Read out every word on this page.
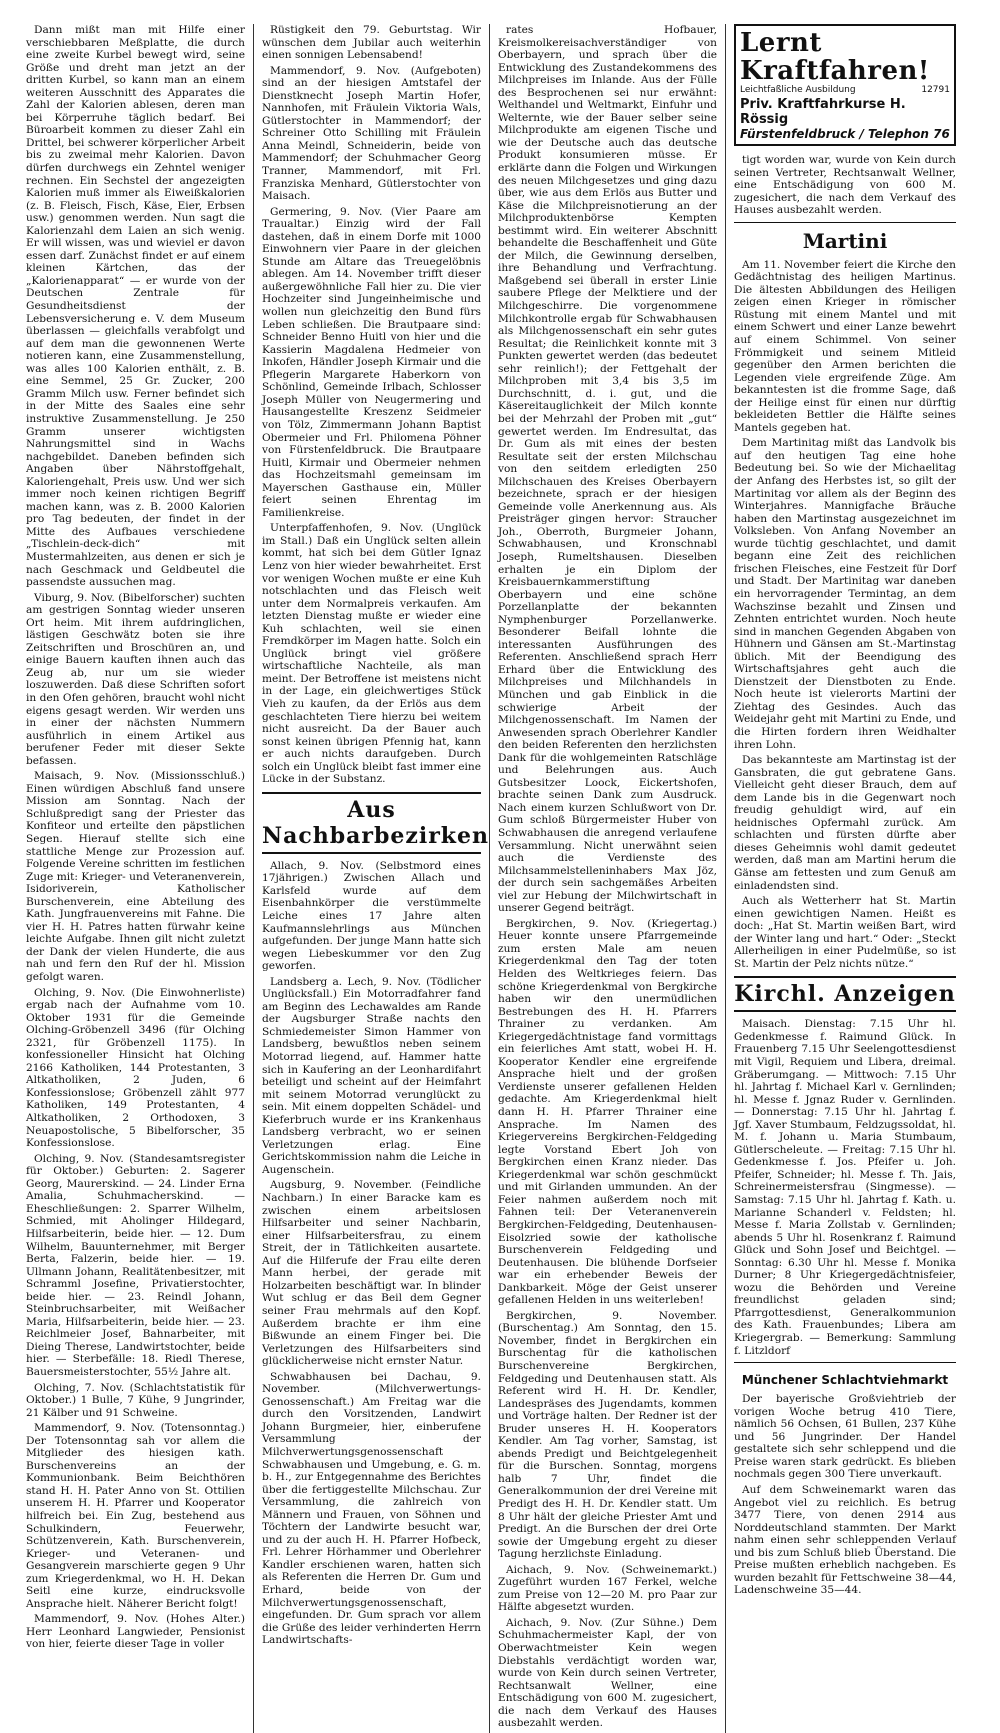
Dann mißt man mit Hilfe einer verschiebbaren Meßplatte, die durch eine zweite Kurbel bewegt wird, seine Größe und dreht man jetzt an der dritten Kurbel, so kann man an einem weiteren Ausschnitt des Apparates die Zahl der Kalorien ablesen, deren man bei Körperruhe täglich bedarf. Bei Büroarbeit kommen zu dieser Zahl ein Drittel, bei schwerer körperlicher Arbeit bis zu zweimal mehr Kalorien. Davon dürfen durchwegs ein Zehntel weniger rechnen. Ein Sechstel der angezeigten Kalorien muß immer als Eiweißkalorien (z. B. Fleisch, Fisch, Käse, Eier, Erbsen usw.) genommen werden. Nun sagt die Kalorienzahl dem Laien an sich wenig. Er will wissen, was und wieviel er davon essen darf. Zunächst findet er auf einem kleinen Kärtchen, das der „Kalorienapparat“ — er wurde von der Deutschen Zentrale für Gesundheitsdienst der Lebensversicherung e. V. dem Museum überlassen — gleichfalls verabfolgt und auf dem man die gewonnenen Werte notieren kann, eine Zusammenstellung, was alles 100 Kalorien enthält, z. B. eine Semmel, 25 Gr. Zucker, 200 Gramm Milch usw. Ferner befindet sich in der Mitte des Saales eine sehr instruktive Zusammenstellung. Je 250 Gramm unserer wichtigsten Nahrungsmittel sind in Wachs nachgebildet. Daneben befinden sich Angaben über Nährstoffgehalt, Kaloriengehalt, Preis usw. Und wer sich immer noch keinen richtigen Begriff machen kann, was z. B. 2000 Kalorien pro Tag bedeuten, der findet in der Mitte des Aufbaues verschiedene „Tischlein-deck-dich“ mit Mustermahlzeiten, aus denen er sich je nach Geschmack und Geldbeutel die passendste aussuchen mag.

Viburg, 9. Nov. (Bibelforscher) suchten am gestrigen Sonntag wieder unseren Ort heim. Mit ihrem aufdringlichen, lästigen Geschwätz boten sie ihre Zeitschriften und Broschüren an, und einige Bauern kauften ihnen auch das Zeug ab, nur um sie wieder loszuwerden. Daß diese Schriften sofort in den Ofen gehören, braucht wohl nicht eigens gesagt werden. Wir werden uns in einer der nächsten Nummern ausführlich in einem Artikel aus berufener Feder mit dieser Sekte befassen.

Maisach, 9. Nov. (Missionsschluß.) Einen würdigen Abschluß fand unsere Mission am Sonntag. Nach der Schlußpredigt sang der Priester das Konfiteor und erteilte den päpstlichen Segen. Hierauf stellte sich eine stattliche Menge zur Prozession auf. Folgende Vereine schritten im festlichen Zuge mit: Krieger- und Veteranenverein, Isidoriverein, Katholischer Burschenverein, eine Abteilung des Kath. Jungfrauenvereins mit Fahne. Die vier H. H. Patres hatten fürwahr keine leichte Aufgabe. Ihnen gilt nicht zuletzt der Dank der vielen Hunderte, die aus nah und fern den Ruf der hl. Mission gefolgt waren.

Olching, 9. Nov. (Die Einwohnerliste) ergab nach der Aufnahme vom 10. Oktober 1931 für die Gemeinde Olching-Gröbenzell 3496 (für Olching 2321, für Gröbenzell 1175). In konfessioneller Hinsicht hat Olching 2166 Katholiken, 144 Protestanten, 3 Altkatholiken, 2 Juden, 6 Konfessionslose; Gröbenzell zählt 977 Katholiken, 149 Protestanten, 4 Altkatholiken, 2 Orthodoxen, 3 Neuapostolische, 5 Bibelforscher, 35 Konfessionslose.

Olching, 9. Nov. (Standesamtsregister für Oktober.) Geburten: 2. Sagerer Georg, Maurerskind. — 24. Linder Erna Amalia, Schuhmacherskind. — Eheschließungen: 2. Sparrer Wilhelm, Schmied, mit Aholinger Hildegard, Hilfsarbeiterin, beide hier. — 12. Dum Wilhelm, Bauunternehmer, mit Berger Berta, Falzerin, beide hier. — 19. Ullmann Johann, Realitätenbesitzer, mit Schramml Josefine, Privatierstochter, beide hier. — 23. Reindl Johann, Steinbruchsarbeiter, mit Weißacher Maria, Hilfsarbeiterin, beide hier. — 23. Reichlmeier Josef, Bahnarbeiter, mit Dieing Therese, Landwirtstochter, beide hier. — Sterbefälle: 18. Riedl Therese, Bauersmeisterstochter, 55½ Jahre alt.

Olching, 7. Nov. (Schlachtstatistik für Oktober.) 1 Bulle, 7 Kühe, 9 Jungrinder, 21 Kälber und 91 Schweine.

Mammendorf, 9. Nov. (Totensonntag.) Der Totensonntag sah vor allem die Mitglieder des hiesigen kath. Burschenvereins an der Kommunionbank. Beim Beichthören stand H. H. Pater Anno von St. Ottilien unserem H. H. Pfarrer und Kooperator hilfreich bei. Ein Zug, bestehend aus Schulkindern, Feuerwehr, Schützenverein, Kath. Burschenverein, Krieger- und Veteranen- und Gesangverein marschierte gegen 9 Uhr zum Kriegerdenkmal, wo H. H. Dekan Seitl eine kurze, eindrucksvolle Ansprache hielt. Näherer Bericht folgt!

Mammendorf, 9. Nov. (Hohes Alter.) Herr Leonhard Langwieder, Pensionist von hier, feierte dieser Tage in voller

Rüstigkeit den 79. Geburtstag. Wir wünschen dem Jubilar auch weiterhin einen sonnigen Lebensabend!

Mammendorf, 9. Nov. (Aufgeboten) sind an der hiesigen Amtstafel der Dienstknecht Joseph Martin Hofer, Nannhofen, mit Fräulein Viktoria Wals, Gütlerstochter in Mammendorf; der Schreiner Otto Schilling mit Fräulein Anna Meindl, Schneiderin, beide von Mammendorf; der Schuhmacher Georg Tranner, Mammendorf, mit Frl. Franziska Menhard, Gütlerstochter von Maisach.

Germering, 9. Nov. (Vier Paare am Traualtar.) Einzig wird der Fall dastehen, daß in einem Dorfe mit 1000 Einwohnern vier Paare in der gleichen Stunde am Altare das Treuegelöbnis ablegen. Am 14. November trifft dieser außergewöhnliche Fall hier zu. Die vier Hochzeiter sind Jungeinheimische und wollen nun gleichzeitig den Bund fürs Leben schließen. Die Brautpaare sind: Schneider Benno Huitl von hier und die Kassierin Magdalena Hedmeier von Inkofen, Händler Joseph Kirmair und die Pflegerin Margarete Haberkorn von Schönlind, Gemeinde Irlbach, Schlosser Joseph Müller von Neugermering und Hausangestellte Kreszenz Seidmeier von Tölz, Zimmermann Johann Baptist Obermeier und Frl. Philomena Pöhner von Fürstenfeldbruck. Die Brautpaare Huitl, Kirmair und Obermeier nehmen das Hochzeitsmahl gemeinsam im Mayerschen Gasthause ein, Müller feiert seinen Ehrentag im Familienkreise.

Unterpfaffenhofen, 9. Nov. (Unglück im Stall.) Daß ein Unglück selten allein kommt, hat sich bei dem Gütler Ignaz Lenz von hier wieder bewahrheitet. Erst vor wenigen Wochen mußte er eine Kuh notschlachten und das Fleisch weit unter dem Normalpreis verkaufen. Am letzten Dienstag mußte er wieder eine Kuh schlachten, weil sie einen Fremdkörper im Magen hatte. Solch ein Unglück bringt viel größere wirtschaftliche Nachteile, als man meint. Der Betroffene ist meistens nicht in der Lage, ein gleichwertiges Stück Vieh zu kaufen, da der Erlös aus dem geschlachteten Tiere hierzu bei weitem nicht ausreicht. Da der Bauer auch sonst keinen übrigen Pfennig hat, kann er auch nichts daraufgeben. Durch solch ein Unglück bleibt fast immer eine Lücke in der Substanz.

Aus Nachbarbezirken

Allach, 9. Nov. (Selbstmord eines 17jährigen.) Zwischen Allach und Karlsfeld wurde auf dem Eisenbahnkörper die verstümmelte Leiche eines 17 Jahre alten Kaufmannslehrlings aus München aufgefunden. Der junge Mann hatte sich wegen Liebeskummer vor den Zug geworfen.

Landsberg a. Lech, 9. Nov. (Tödlicher Unglücksfall.) Ein Motorradfahrer fand am Beginn des Lechawaldes am Rande der Augsburger Straße nachts den Schmiedemeister Simon Hammer von Landsberg, bewußtlos neben seinem Motorrad liegend, auf. Hammer hatte sich in Kaufering an der Leonhardifahrt beteiligt und scheint auf der Heimfahrt mit seinem Motorrad verunglückt zu sein. Mit einem doppelten Schädel- und Kieferbruch wurde er ins Krankenhaus Landsberg verbracht, wo er seinen Verletzungen erlag. Eine Gerichtskommission nahm die Leiche in Augenschein.

Augsburg, 9. November. (Feindliche Nachbarn.) In einer Baracke kam es zwischen einem arbeitslosen Hilfsarbeiter und seiner Nachbarin, einer Hilfsarbeitersfrau, zu einem Streit, der in Tätlichkeiten ausartete. Auf die Hilferufe der Frau eilte deren Mann herbei, der gerade mit Holzarbeiten beschäftigt war. In blinder Wut schlug er das Beil dem Gegner seiner Frau mehrmals auf den Kopf. Außerdem brachte er ihm eine Bißwunde an einem Finger bei. Die Verletzungen des Hilfsarbeiters sind glücklicherweise nicht ernster Natur.

Schwabhausen bei Dachau, 9. November. (Milchverwertungs-Genossenschaft.) Am Freitag war die durch den Vorsitzenden, Landwirt Johann Burgmeier, hier, einberufene Versammlung der Milchverwertungsgenossenschaft Schwabhausen und Umgebung, e. G. m. b. H., zur Entgegennahme des Berichtes über die fertiggestellte Milchschau. Zur Versammlung, die zahlreich von Männern und Frauen, von Söhnen und Töchtern der Landwirte besucht war, und zu der auch H. H. Pfarrer Hofbeck, Frl. Lehrer Hörhammer und Oberlehrer Kandler erschienen waren, hatten sich als Referenten die Herren Dr. Gum und Erhard, beide von der Milchverwertungsgenossenschaft, eingefunden. Dr. Gum sprach vor allem die Grüße des leider verhinderten Herrn Landwirtschafts-

rates Hofbauer, Kreismolkereisachverständiger von Oberbayern, und sprach über die Entwicklung des Zustandekommens des Milchpreises im Inlande. Aus der Fülle des Besprochenen sei nur erwähnt: Welthandel und Weltmarkt, Einfuhr und Welternte, wie der Bauer selber seine Milchprodukte am eigenen Tische und wie der Deutsche auch das deutsche Produkt konsumieren müsse. Er erklärte dann die Folgen und Wirkungen des neuen Milchgesetzes und ging dazu über, wie aus dem Erlös aus Butter und Käse die Milchpreisnotierung an der Milchproduktenbörse Kempten bestimmt wird. Ein weiterer Abschnitt behandelte die Beschaffenheit und Güte der Milch, die Gewinnung derselben, ihre Behandlung und Verfrachtung. Maßgebend sei überall in erster Linie saubere Pflege der Melktiere und der Milchgeschirre. Die vorgenommene Milchkontrolle ergab für Schwabhausen als Milchgenossenschaft ein sehr gutes Resultat; die Reinlichkeit konnte mit 3 Punkten gewertet werden (das bedeutet sehr reinlich!); der Fettgehalt der Milchproben mit 3,4 bis 3,5 im Durchschnitt, d. i. gut, und die Käsereitauglichkeit der Milch konnte bei der Mehrzahl der Proben mit „gut“ gewertet werden. Im Endresultat, das Dr. Gum als mit eines der besten Resultate seit der ersten Milchschau von den seitdem erledigten 250 Milchschauen des Kreises Oberbayern bezeichnete, sprach er der hiesigen Gemeinde volle Anerkennung aus. Als Preisträger gingen hervor: Straucher Joh., Oberroth, Burgmeier Johann, Schwabhausen, und Kronschnabl Joseph, Rumeltshausen. Dieselben erhalten je ein Diplom der Kreisbauernkammerstiftung Oberbayern und eine schöne Porzellanplatte der bekannten Nymphenburger Porzellanwerke. Besonderer Beifall lohnte die interessanten Ausführungen des Referenten. Anschließend sprach Herr Erhard über die Entwicklung des Milchpreises und Milchhandels in München und gab Einblick in die schwierige Arbeit der Milchgenossenschaft. Im Namen der Anwesenden sprach Oberlehrer Kandler den beiden Referenten den herzlichsten Dank für die wohlgemeinten Ratschläge und Belehrungen aus. Auch Gutsbesitzer Loock, Eickertshofen, brachte seinen Dank zum Ausdruck. Nach einem kurzen Schlußwort von Dr. Gum schloß Bürgermeister Huber von Schwabhausen die anregend verlaufene Versammlung. Nicht unerwähnt seien auch die Verdienste des Milchsammelstelleninhabers Max Jöz, der durch sein sachgemäßes Arbeiten viel zur Hebung der Milchwirtschaft in unserer Gegend beiträgt.

Bergkirchen, 9. Nov. (Kriegertag.) Heuer konnte unsere Pfarrgemeinde zum ersten Male am neuen Kriegerdenkmal den Tag der toten Helden des Weltkrieges feiern. Das schöne Kriegerdenkmal von Bergkirche haben wir den unermüdlichen Bestrebungen des H. H. Pfarrers Thrainer zu verdanken. Am Kriegergedächtnistage fand vormittags ein feierliches Amt statt, wobei H. H. Kooperator Kendler eine ergreifende Ansprache hielt und der großen Verdienste unserer gefallenen Helden gedachte. Am Kriegerdenkmal hielt dann H. H. Pfarrer Thrainer eine Ansprache. Im Namen des Kriegervereins Bergkirchen-Feldgeding legte Vorstand Ebert Joh von Bergkirchen einen Kranz nieder. Das Kriegerdenkmal war schön geschmückt und mit Girlanden ummunden. An der Feier nahmen außerdem noch mit Fahnen teil: Der Veteranenverein Bergkirchen-Feldgeding, Deutenhausen-Eisolzried sowie der katholische Burschenverein Feldgeding und Deutenhausen. Die blühende Dorfseier war ein erhebender Beweis der Dankbarkeit. Möge der Geist unserer gefallenen Helden in uns weiterleben!

Bergkirchen, 9. November. (Burschentag.) Am Sonntag, den 15. November, findet in Bergkirchen ein Burschentag für die katholischen Burschenvereine Bergkirchen, Feldgeding und Deutenhausen statt. Als Referent wird H. H. Dr. Kendler, Landespräses des Jugendamts, kommen und Vorträge halten. Der Redner ist der Bruder unseres H. H. Kooperators Kendler. Am Tag vorher, Samstag, ist abends Predigt und Beichtgelegenheit für die Burschen. Sonntag, morgens halb 7 Uhr, findet die Generalkommunion der drei Vereine mit Predigt des H. H. Dr. Kendler statt. Um 8 Uhr hält der gleiche Priester Amt und Predigt. An die Burschen der drei Orte sowie der Umgebung ergeht zu dieser Tagung herzlichste Einladung.

Aichach, 9. Nov. (Schweinemarkt.) Zugeführt wurden 167 Ferkel, welche zum Preise von 12—20 M. pro Paar zur Hälfte abgesetzt wurden.

Aichach, 9. Nov. (Zur Sühne.) Dem Schuhmachermeister Kapl, der von Oberwachtmeister Kein wegen Diebstahls verdächtigt worden war, wurde von Kein durch seinen Vertreter, Rechtsanwalt Wellner, eine Entschädigung von 600 M. zugesichert, die nach dem Verkauf des Hauses ausbezahlt werden.

Lernt Kraftfahren!
Leichtfaßliche Ausbildung	12791
Priv. Kraftfahrkurse H. Rössig
Fürstenfeldbruck / Telephon 76

tigt worden war, wurde von Kein durch seinen Vertreter, Rechtsanwalt Wellner, eine Entschädigung von 600 M. zugesichert, die nach dem Verkauf des Hauses ausbezahlt werden.

Martini

Am 11. November feiert die Kirche den Gedächtnistag des heiligen Martinus. Die ältesten Abbildungen des Heiligen zeigen einen Krieger in römischer Rüstung mit einem Mantel und mit einem Schwert und einer Lanze bewehrt auf einem Schimmel. Von seiner Frömmigkeit und seinem Mitleid gegenüber den Armen berichten die Legenden viele ergreifende Züge. Am bekanntesten ist die fromme Sage, daß der Heilige einst für einen nur dürftig bekleideten Bettler die Hälfte seines Mantels gegeben hat.

Dem Martinitag mißt das Landvolk bis auf den heutigen Tag eine hohe Bedeutung bei. So wie der Michaelitag der Anfang des Herbstes ist, so gilt der Martinitag vor allem als der Beginn des Winterjahres. Mannigfache Bräuche haben den Martinstag ausgezeichnet im Volksleben. Von Anfang November an wurde tüchtig geschlachtet, und damit begann eine Zeit des reichlichen frischen Fleisches, eine Festzeit für Dorf und Stadt. Der Martinitag war daneben ein hervorragender Termintag, an dem Wachszinse bezahlt und Zinsen und Zehnten entrichtet wurden. Noch heute sind in manchen Gegenden Abgaben von Hühnern und Gänsen am St.-Martinstag üblich. Mit der Beendigung des Wirtschaftsjahres geht auch die Dienstzeit der Dienstboten zu Ende. Noch heute ist vielerorts Martini der Ziehtag des Gesindes. Auch das Weidejahr geht mit Martini zu Ende, und die Hirten fordern ihren Weidhalter ihren Lohn.

Das bekannteste am Martinstag ist der Gansbraten, die gut gebratene Gans. Vielleicht geht dieser Brauch, dem auf dem Lande bis in die Gegenwart noch freudig gehuldigt wird, auf ein heidnisches Opfermahl zurück. Am schlachten und fürsten dürfte aber dieses Geheimnis wohl damit gedeutet werden, daß man am Martini herum die Gänse am fettesten und zum Genuß am einladendsten sind.

Auch als Wetterherr hat St. Martin einen gewichtigen Namen. Heißt es doch: „Hat St. Martin weißen Bart, wird der Winter lang und hart.“ Oder: „Steckt Allerheiligen in einer Pudelmüße, so ist St. Martin der Pelz nichts nütze.“

Kirchl. Anzeigen

Maisach. Dienstag: 7.15 Uhr hl. Gedenkmesse f. Raimund Glück. In Frauenberg 7.15 Uhr Seelengottesdienst mit Vigil, Requiem und Libera, dreimal. Gräberumgang. — Mittwoch: 7.15 Uhr hl. Jahrtag f. Michael Karl v. Gernlinden; hl. Messe f. Jgnaz Ruder v. Gernlinden. — Donnerstag: 7.15 Uhr hl. Jahrtag f. Jgf. Xaver Stumbaum, Feldzugssoldat, hl. M. f. Johann u. Maria Stumbaum, Gütlerscheleute. — Freitag: 7.15 Uhr hl. Gedenkmesse f. Jos. Pfeifer u. Joh. Pfeifer, Schneider; hl. Messe f. Th. Jais, Schreinermeistersfrau (Singmesse). — Samstag: 7.15 Uhr hl. Jahrtag f. Kath. u. Marianne Schanderl v. Feldsten; hl. Messe f. Maria Zollstab v. Gernlinden; abends 5 Uhr hl. Rosenkranz f. Raimund Glück und Sohn Josef und Beichtgel. — Sonntag: 6.30 Uhr hl. Messe f. Monika Durner; 8 Uhr Kriegergedächtnisfeier, wozu die Behörden und Vereine freundlichst geladen sind; Pfarrgottesdienst, Generalkommunion des Kath. Frauenbundes; Libera am Kriegergrab. — Bemerkung: Sammlung f. Litzldorf

Münchener Schlachtviehmarkt

Der bayerische Großviehtrieb der vorigen Woche betrug 410 Tiere, nämlich 56 Ochsen, 61 Bullen, 237 Kühe und 56 Jungrinder. Der Handel gestaltete sich sehr schleppend und die Preise waren stark gedrückt. Es blieben nochmals gegen 300 Tiere unverkauft.

Auf dem Schweinemarkt waren das Angebot viel zu reichlich. Es betrug 3477 Tiere, von denen 2914 aus Norddeutschland stammten. Der Markt nahm einen sehr schleppenden Verlauf und bis zum Schluß blieb Überstand. Die Preise mußten erheblich nachgeben. Es wurden bezahlt für Fettschweine 38—44, Ladenschweine 35—44.
